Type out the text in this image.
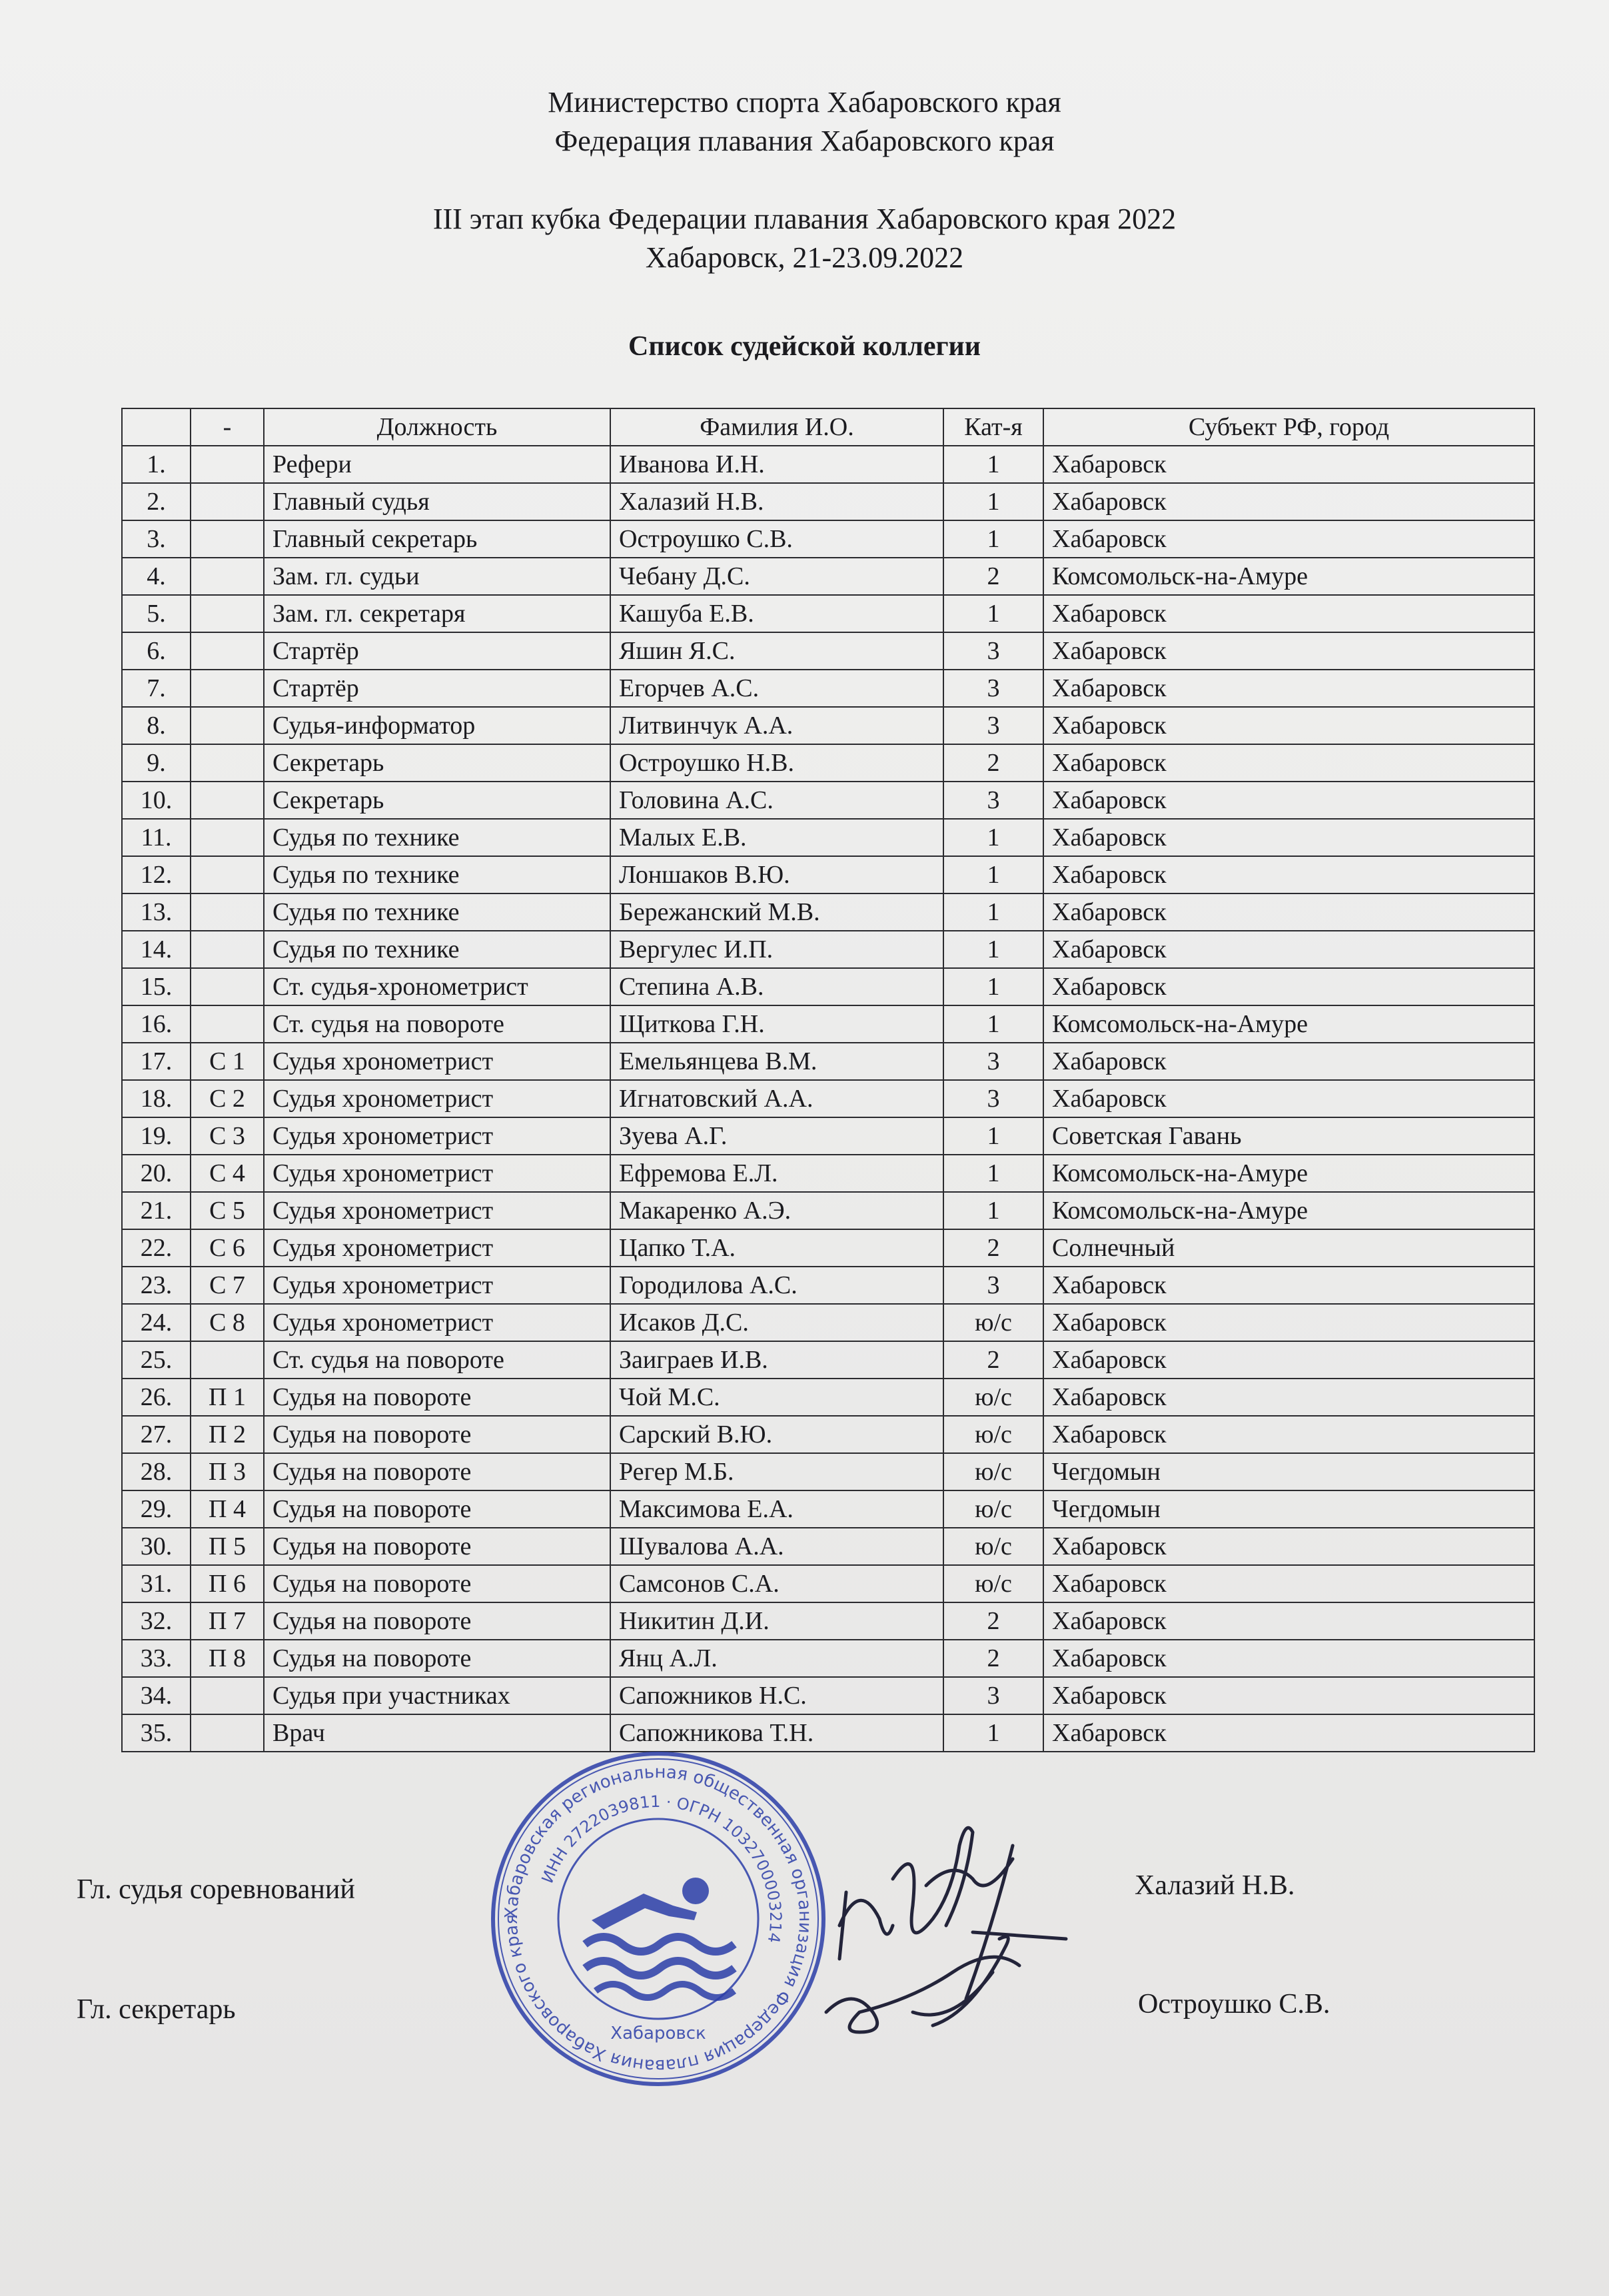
Министерство спорта Хабаровского края
Федерация плавания Хабаровского края
III этап кубка Федерации плавания Хабаровского края 2022
Хабаровск, 21-23.09.2022
Список судейской коллегии
	-	Должность	Фамилия И.О.	Кат-я	Субъект РФ, город
1.		Рефери	Иванова И.Н.	1	Хабаровск
2.		Главный судья	Халазий Н.В.	1	Хабаровск
3.		Главный секретарь	Остроушко С.В.	1	Хабаровск
4.		Зам. гл. судьи	Чебану Д.С.	2	Комсомольск-на-Амуре
5.		Зам. гл. секретаря	Кашуба Е.В.	1	Хабаровск
6.		Стартёр	Яшин Я.С.	3	Хабаровск
7.		Стартёр	Егорчев А.С.	3	Хабаровск
8.		Судья-информатор	Литвинчук А.А.	3	Хабаровск
9.		Секретарь	Остроушко Н.В.	2	Хабаровск
10.		Секретарь	Головина А.С.	3	Хабаровск
11.		Судья по технике	Малых Е.В.	1	Хабаровск
12.		Судья по технике	Лоншаков В.Ю.	1	Хабаровск
13.		Судья по технике	Бережанский М.В.	1	Хабаровск
14.		Судья по технике	Вергулес И.П.	1	Хабаровск
15.		Ст. судья-хронометрист	Степина А.В.	1	Хабаровск
16.		Ст. судья на повороте	Щиткова Г.Н.	1	Комсомольск-на-Амуре
17.	С 1	Судья хронометрист	Емельянцева В.М.	3	Хабаровск
18.	С 2	Судья хронометрист	Игнатовский А.А.	3	Хабаровск
19.	С 3	Судья хронометрист	Зуева А.Г.	1	Советская Гавань
20.	С 4	Судья хронометрист	Ефремова Е.Л.	1	Комсомольск-на-Амуре
21.	С 5	Судья хронометрист	Макаренко А.Э.	1	Комсомольск-на-Амуре
22.	С 6	Судья хронометрист	Цапко Т.А.	2	Солнечный
23.	С 7	Судья хронометрист	Городилова А.С.	3	Хабаровск
24.	С 8	Судья хронометрист	Исаков Д.С.	ю/с	Хабаровск
25.		Ст. судья на повороте	Заиграев И.В.	2	Хабаровск
26.	П 1	Судья на повороте	Чой М.С.	ю/с	Хабаровск
27.	П 2	Судья на повороте	Сарский В.Ю.	ю/с	Хабаровск
28.	П 3	Судья на повороте	Регер М.Б.	ю/с	Чегдомын
29.	П 4	Судья на повороте	Максимова Е.А.	ю/с	Чегдомын
30.	П 5	Судья на повороте	Шувалова А.А.	ю/с	Хабаровск
31.	П 6	Судья на повороте	Самсонов С.А.	ю/с	Хабаровск
32.	П 7	Судья на повороте	Никитин Д.И.	2	Хабаровск
33.	П 8	Судья на повороте	Янц А.Л.	2	Хабаровск
34.		Судья при участниках	Сапожников Н.С.	3	Хабаровск
35.		Врач	Сапожникова Т.Н.	1	Хабаровск
Гл. судья соревнований	Халазий Н.В.
Гл. секретарь	Остроушко С.В.
Хабаровская региональная общественная организация Федерация плавания Хабаровского края
ИНН 2722039811 · ОГРН 1032700003214
Хабаровск
